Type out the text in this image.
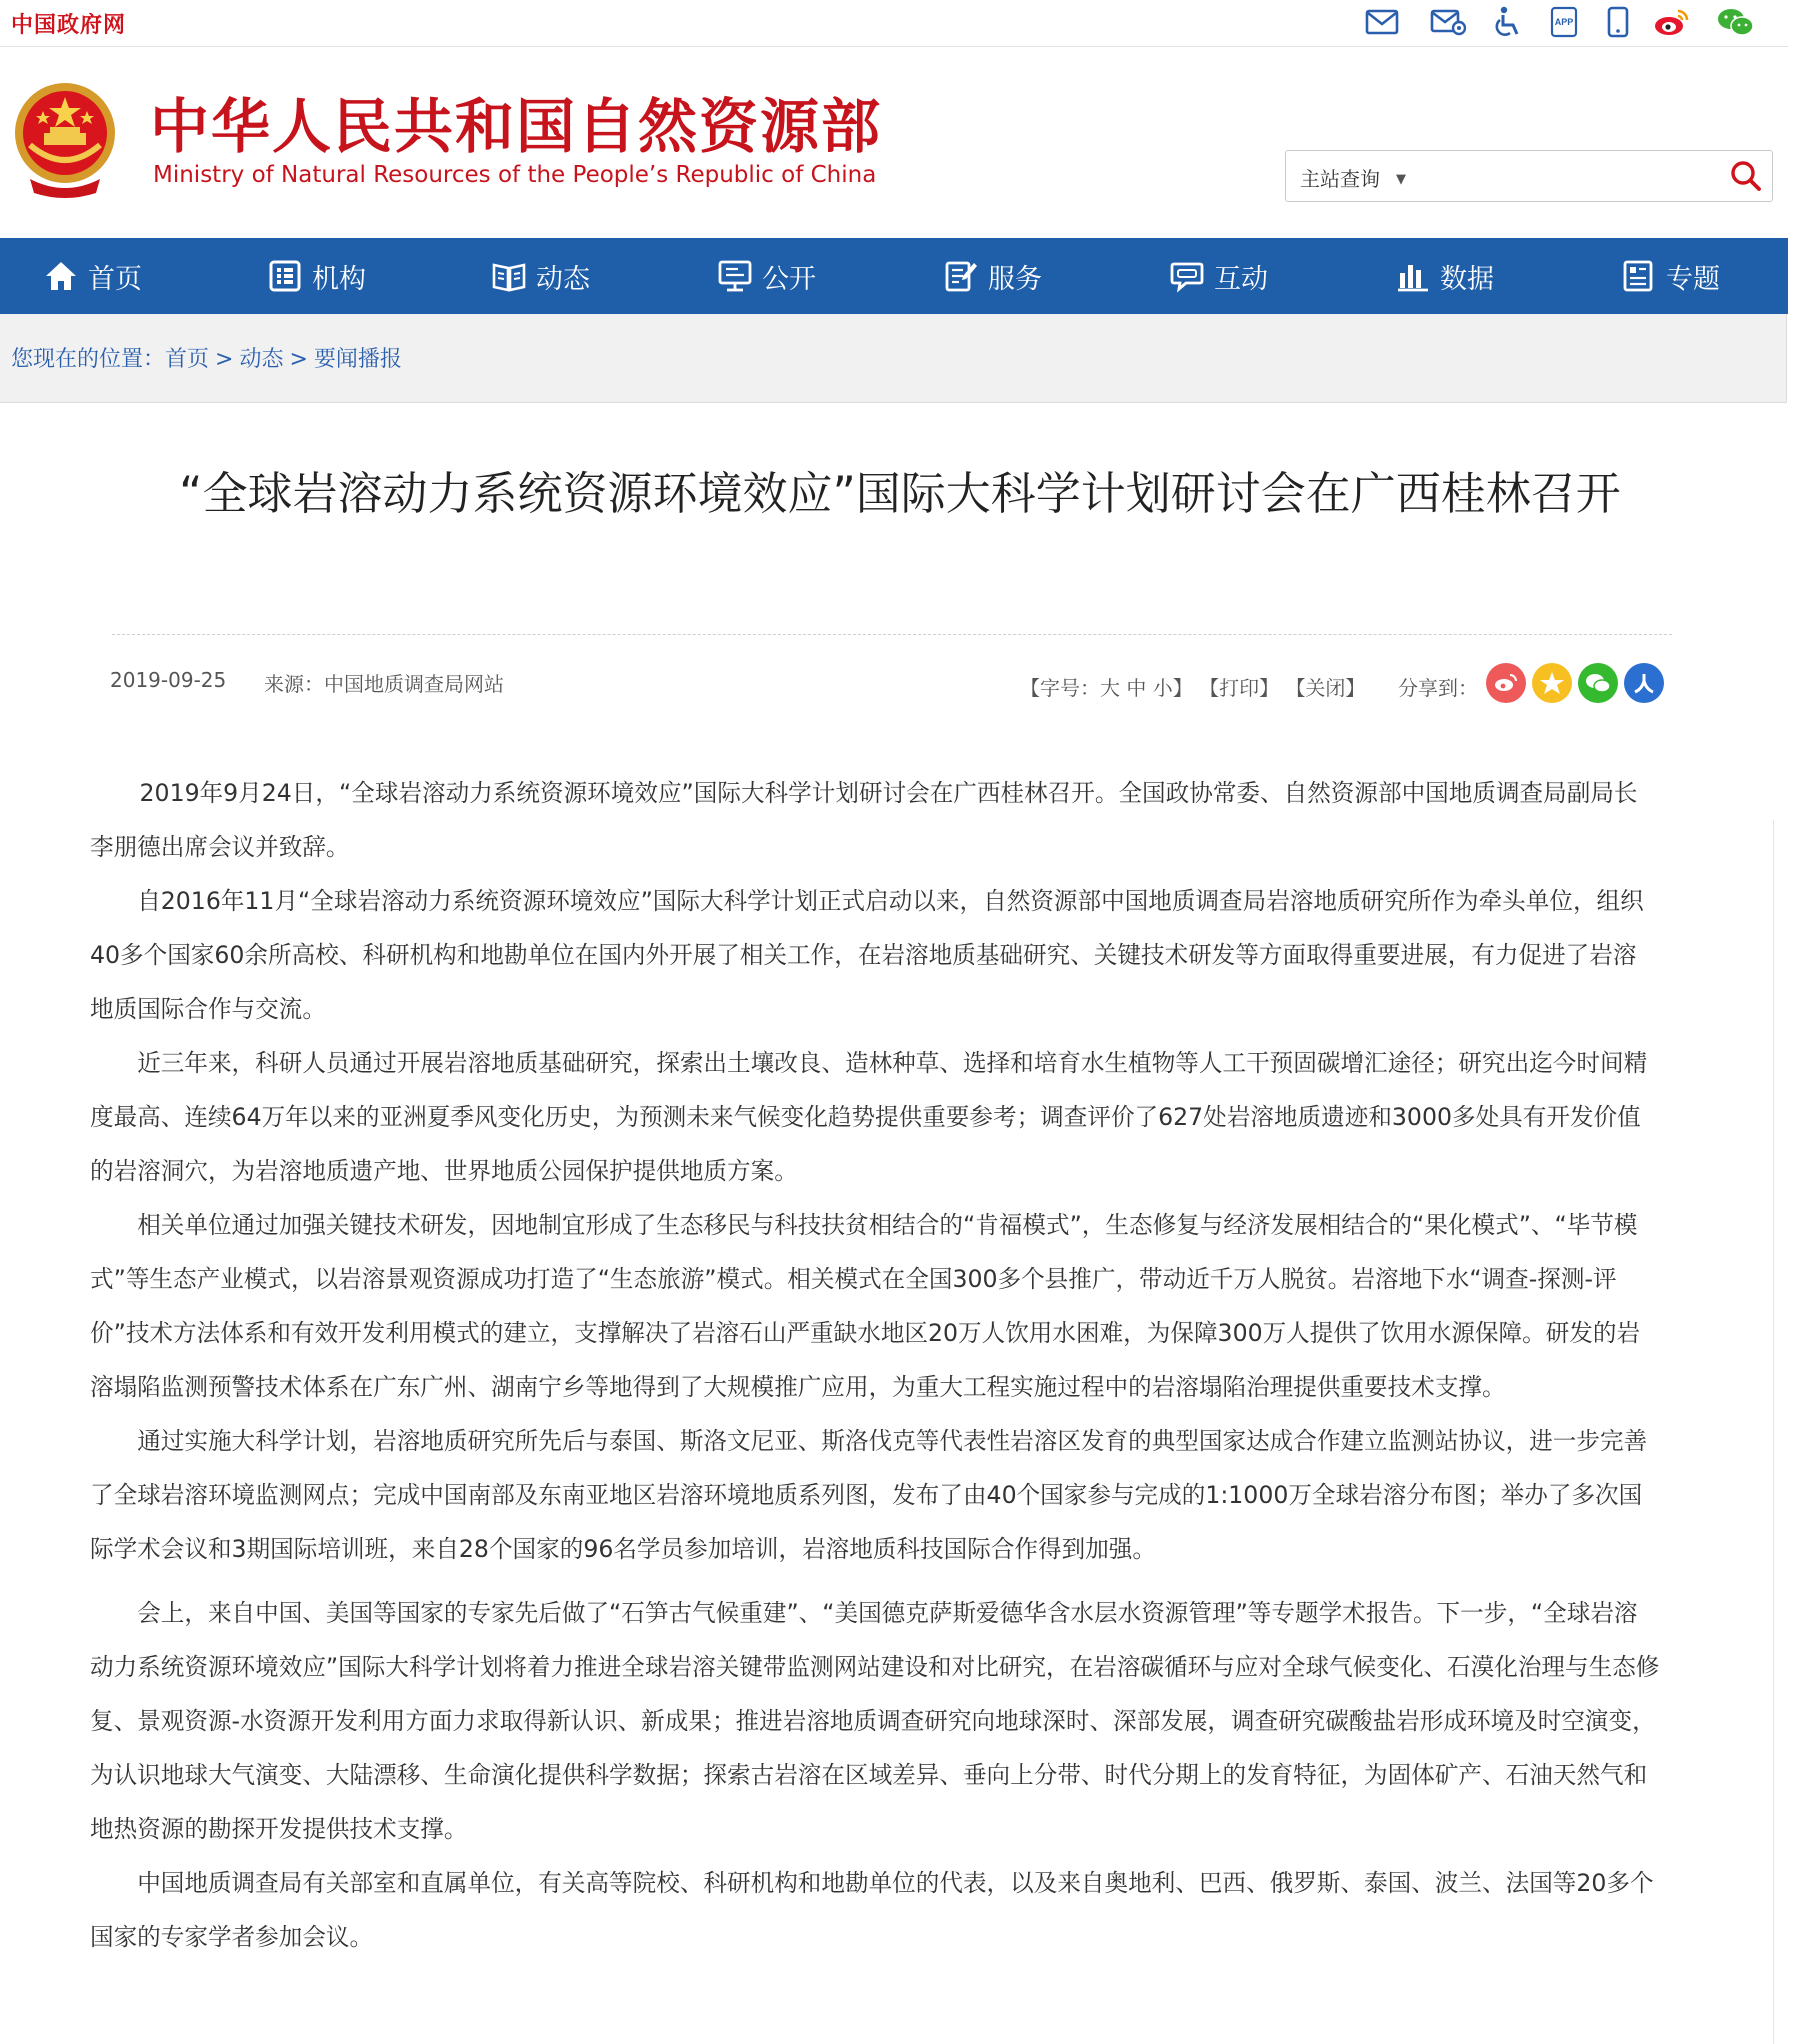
中国政府网	APP
中华人民共和国自然资源部
Ministry of Natural Resources of the People’s Republic of China	主站查询 ▼
首页	机构	动态	公开	服务	互动	数据	专题
您现在的位置：首页 > 动态 > 要闻播报
“全球岩溶动力系统资源环境效应”国际大科学计划研讨会在广西桂林召开
2019-09-25 来源：中国地质调查局网站	【字号：大 中 小】 【打印】 【关闭】 分享到：

2019年9月24日，“全球岩溶动力系统资源环境效应”国际大科学计划研讨会在广西桂林召开。全国政协常委、自然资源部中国地质调查局副局长李朋德出席会议并致辞。

自2016年11月“全球岩溶动力系统资源环境效应”国际大科学计划正式启动以来，自然资源部中国地质调查局岩溶地质研究所作为牵头单位，组织40多个国家60余所高校、科研机构和地勘单位在国内外开展了相关工作，在岩溶地质基础研究、关键技术研发等方面取得重要进展，有力促进了岩溶地质国际合作与交流。

近三年来，科研人员通过开展岩溶地质基础研究，探索出土壤改良、造林种草、选择和培育水生植物等人工干预固碳增汇途径；研究出迄今时间精度最高、连续64万年以来的亚洲夏季风变化历史，为预测未来气候变化趋势提供重要参考；调查评价了627处岩溶地质遗迹和3000多处具有开发价值的岩溶洞穴，为岩溶地质遗产地、世界地质公园保护提供地质方案。

相关单位通过加强关键技术研发，因地制宜形成了生态移民与科技扶贫相结合的“肯福模式”，生态修复与经济发展相结合的“果化模式”、“毕节模式”等生态产业模式，以岩溶景观资源成功打造了“生态旅游”模式。相关模式在全国300多个县推广，带动近千万人脱贫。岩溶地下水“调查-探测-评价”技术方法体系和有效开发利用模式的建立，支撑解决了岩溶石山严重缺水地区20万人饮用水困难，为保障300万人提供了饮用水源保障。研发的岩溶塌陷监测预警技术体系在广东广州、湖南宁乡等地得到了大规模推广应用，为重大工程实施过程中的岩溶塌陷治理提供重要技术支撑。

通过实施大科学计划，岩溶地质研究所先后与泰国、斯洛文尼亚、斯洛伐克等代表性岩溶区发育的典型国家达成合作建立监测站协议，进一步完善了全球岩溶环境监测网点；完成中国南部及东南亚地区岩溶环境地质系列图，发布了由40个国家参与完成的1:1000万全球岩溶分布图；举办了多次国际学术会议和3期国际培训班，来自28个国家的96名学员参加培训，岩溶地质科技国际合作得到加强。

会上，来自中国、美国等国家的专家先后做了“石笋古气候重建”、“美国德克萨斯爱德华含水层水资源管理”等专题学术报告。下一步，“全球岩溶动力系统资源环境效应”国际大科学计划将着力推进全球岩溶关键带监测网站建设和对比研究，在岩溶碳循环与应对全球气候变化、石漠化治理与生态修复、景观资源-水资源开发利用方面力求取得新认识、新成果；推进岩溶地质调查研究向地球深时、深部发展，调查研究碳酸盐岩形成环境及时空演变，为认识地球大气演变、大陆漂移、生命演化提供科学数据；探索古岩溶在区域差异、垂向上分带、时代分期上的发育特征，为固体矿产、石油天然气和地热资源的勘探开发提供技术支撑。

中国地质调查局有关部室和直属单位，有关高等院校、科研机构和地勘单位的代表，以及来自奥地利、巴西、俄罗斯、泰国、波兰、法国等20多个国家的专家学者参加会议。
